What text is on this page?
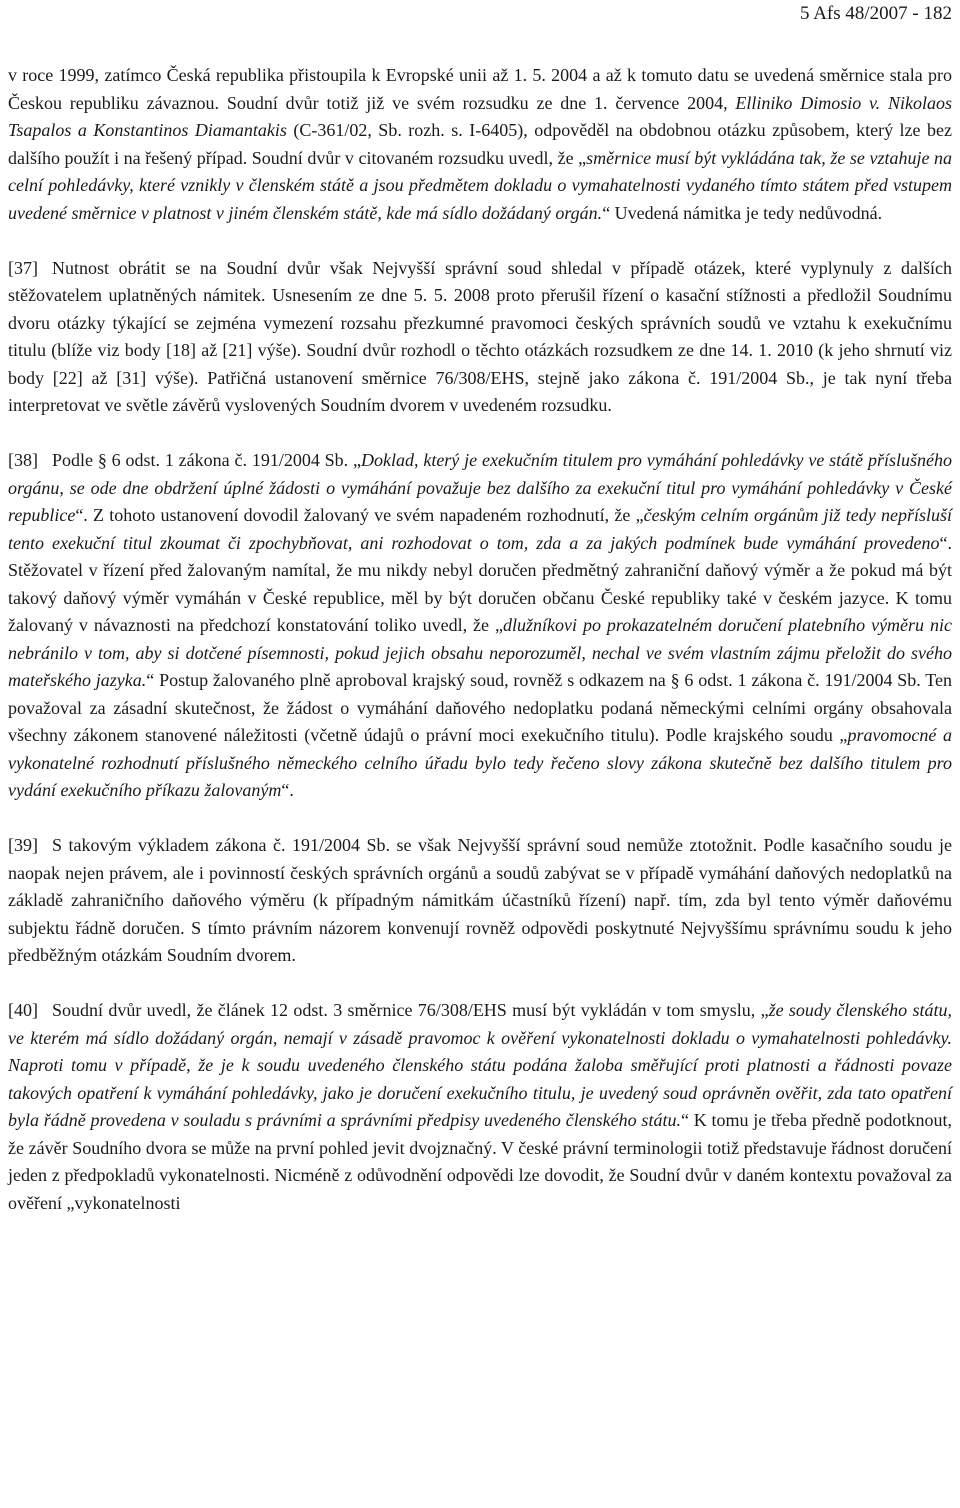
5 Afs 48/2007 - 182

v roce 1999, zatímco Česká republika přistoupila k Evropské unii až 1. 5. 2004 a až k tomuto datu se uvedená směrnice stala pro Českou republiku závaznou. Soudní dvůr totiž již ve svém rozsudku ze dne 1. července 2004, Elliniko Dimosio v. Nikolaos Tsapalos a Konstantinos Diamantakis (C-361/02, Sb. rozh. s. I-6405), odpověděl na obdobnou otázku způsobem, který lze bez dalšího použít i na řešený případ. Soudní dvůr v citovaném rozsudku uvedl, že „směrnice musí být vykládána tak, že se vztahuje na celní pohledávky, které vznikly v členském státě a jsou předmětem dokladu o vymahatelnosti vydaného tímto státem před vstupem uvedené směrnice v platnost v jiném členském státě, kde má sídlo dožádaný orgán.“ Uvedená námitka je tedy nedůvodná.

[37] Nutnost obrátit se na Soudní dvůr však Nejvyšší správní soud shledal v případě otázek, které vyplynuly z dalších stěžovatelem uplatněných námitek. Usnesením ze dne 5. 5. 2008 proto přerušil řízení o kasační stížnosti a předložil Soudnímu dvoru otázky týkající se zejména vymezení rozsahu přezkumné pravomoci českých správních soudů ve vztahu k exekučnímu titulu (blíže viz body [18] až [21] výše). Soudní dvůr rozhodl o těchto otázkách rozsudkem ze dne 14. 1. 2010 (k jeho shrnutí viz body [22] až [31] výše). Patřičná ustanovení směrnice 76/308/EHS, stejně jako zákona č. 191/2004 Sb., je tak nyní třeba interpretovat ve světle závěrů vyslovených Soudním dvorem v uvedeném rozsudku.

[38] Podle § 6 odst. 1 zákona č. 191/2004 Sb. „Doklad, který je exekučním titulem pro vymáhání pohledávky ve státě příslušného orgánu, se ode dne obdržení úplné žádosti o vymáhání považuje bez dalšího za exekuční titul pro vymáhání pohledávky v České republice“. Z tohoto ustanovení dovodil žalovaný ve svém napadeném rozhodnutí, že „českým celním orgánům již tedy nepřísluší tento exekuční titul zkoumat či zpochybňovat, ani rozhodovat o tom, zda a za jakých podmínek bude vymáhání provedeno“. Stěžovatel v řízení před žalovaným namítal, že mu nikdy nebyl doručen předmětný zahraniční daňový výměr a že pokud má být takový daňový výměr vymáhán v České republice, měl by být doručen občanu České republiky také v českém jazyce. K tomu žalovaný v návaznosti na předchozí konstatování toliko uvedl, že „dlužníkovi po prokazatelném doručení platebního výměru nic nebránilo v tom, aby si dotčené písemnosti, pokud jejich obsahu neporozuměl, nechal ve svém vlastním zájmu přeložit do svého mateřského jazyka.“ Postup žalovaného plně aproboval krajský soud, rovněž s odkazem na § 6 odst. 1 zákona č. 191/2004 Sb. Ten považoval za zásadní skutečnost, že žádost o vymáhání daňového nedoplatku podaná německými celními orgány obsahovala všechny zákonem stanovené náležitosti (včetně údajů o právní moci exekučního titulu). Podle krajského soudu „pravomocné a vykonatelné rozhodnutí příslušného německého celního úřadu bylo tedy řečeno slovy zákona skutečně bez dalšího titulem pro vydání exekučního příkazu žalovaným“.

[39] S takovým výkladem zákona č. 191/2004 Sb. se však Nejvyšší správní soud nemůže ztotožnit. Podle kasačního soudu je naopak nejen právem, ale i povinností českých správních orgánů a soudů zabývat se v případě vymáhání daňových nedoplatků na základě zahraničního daňového výměru (k případným námitkám účastníků řízení) např. tím, zda byl tento výměr daňovému subjektu řádně doručen. S tímto právním názorem konvenují rovněž odpovědi poskytnuté Nejvyššímu správnímu soudu k jeho předběžným otázkám Soudním dvorem.

[40] Soudní dvůr uvedl, že článek 12 odst. 3 směrnice 76/308/EHS musí být vykládán v tom smyslu, „že soudy členského státu, ve kterém má sídlo dožádaný orgán, nemají v zásadě pravomoc k ověření vykonatelnosti dokladu o vymahatelnosti pohledávky. Naproti tomu v případě, že je k soudu uvedeného členského státu podána žaloba směřující proti platnosti a řádnosti povaze takových opatření k vymáhání pohledávky, jako je doručení exekučního titulu, je uvedený soud oprávněn ověřit, zda tato opatření byla řádně provedena v souladu s právními a správními předpisy uvedeného členského státu.“ K tomu je třeba předně podotknout, že závěr Soudního dvora se může na první pohled jevit dvojznačný. V české právní terminologii totiž představuje řádnost doručení jeden z předpokladů vykonatelnosti. Nicméně z odůvodnění odpovědi lze dovodit, že Soudní dvůr v daném kontextu považoval za ověření „vykonatelnosti
